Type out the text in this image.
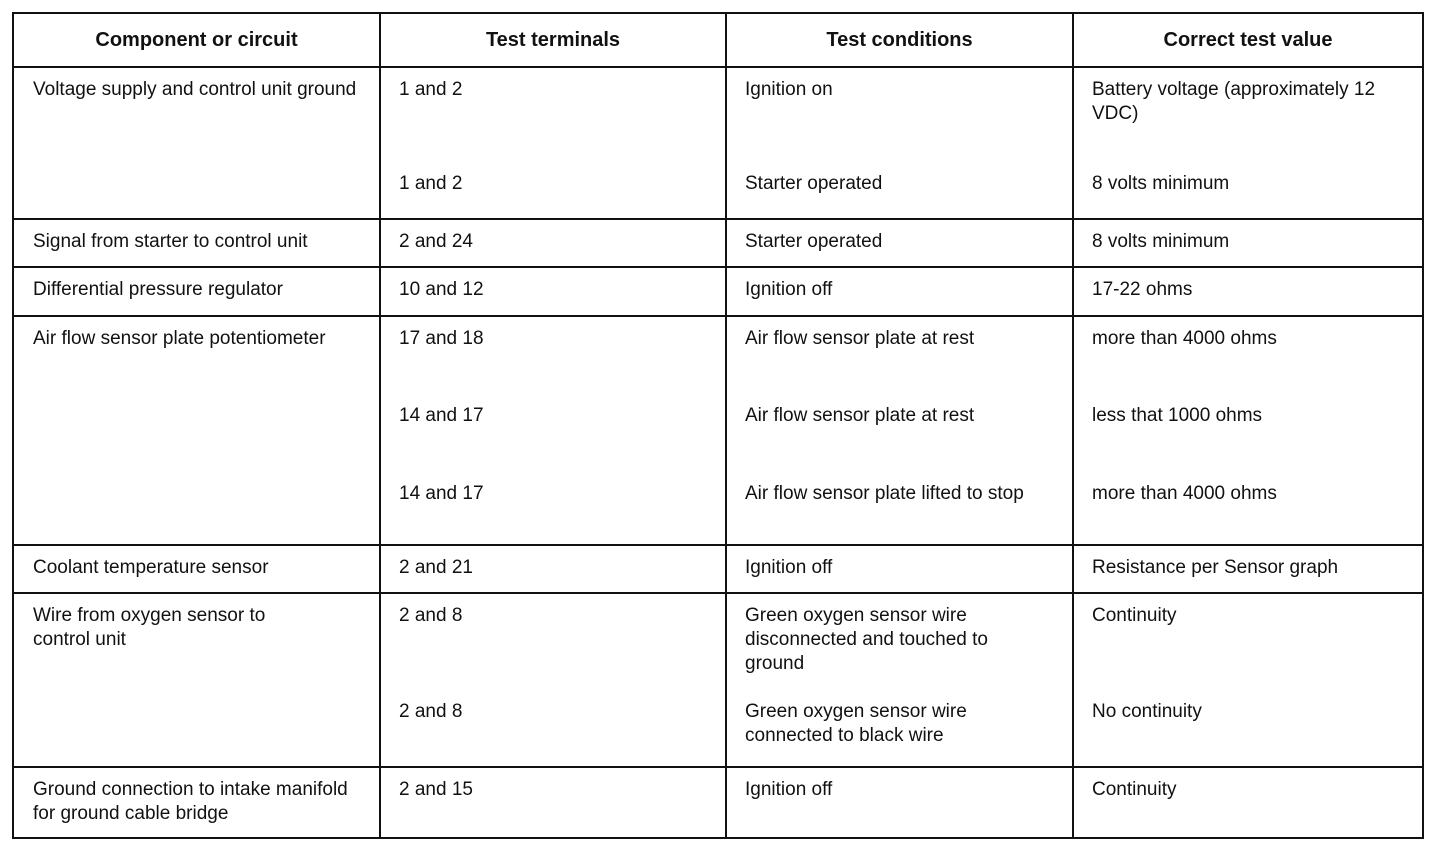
Component or circuit	Test terminals	Test conditions	Correct test value
Voltage supply and control unit ground	1 and 2	Ignition on	Battery voltage (approximately 12 VDC)
	1 and 2	Starter operated	8 volts minimum
Signal from starter to control unit	2 and 24	Starter operated	8 volts minimum
Differential pressure regulator	10 and 12	Ignition off	17-22 ohms
Air flow sensor plate potentiometer	17 and 18	Air flow sensor plate at rest	more than 4000 ohms
	14 and 17	Air flow sensor plate at rest	less that 1000 ohms
	14 and 17	Air flow sensor plate lifted to stop	more than 4000 ohms
Coolant temperature sensor	2 and 21	Ignition off	Resistance per Sensor graph
Wire from oxygen sensor to control unit	2 and 8	Green oxygen sensor wire disconnected and touched to ground	Continuity
	2 and 8	Green oxygen sensor wire connected to black wire	No continuity
Ground connection to intake manifold for ground cable bridge	2 and 15	Ignition off	Continuity
